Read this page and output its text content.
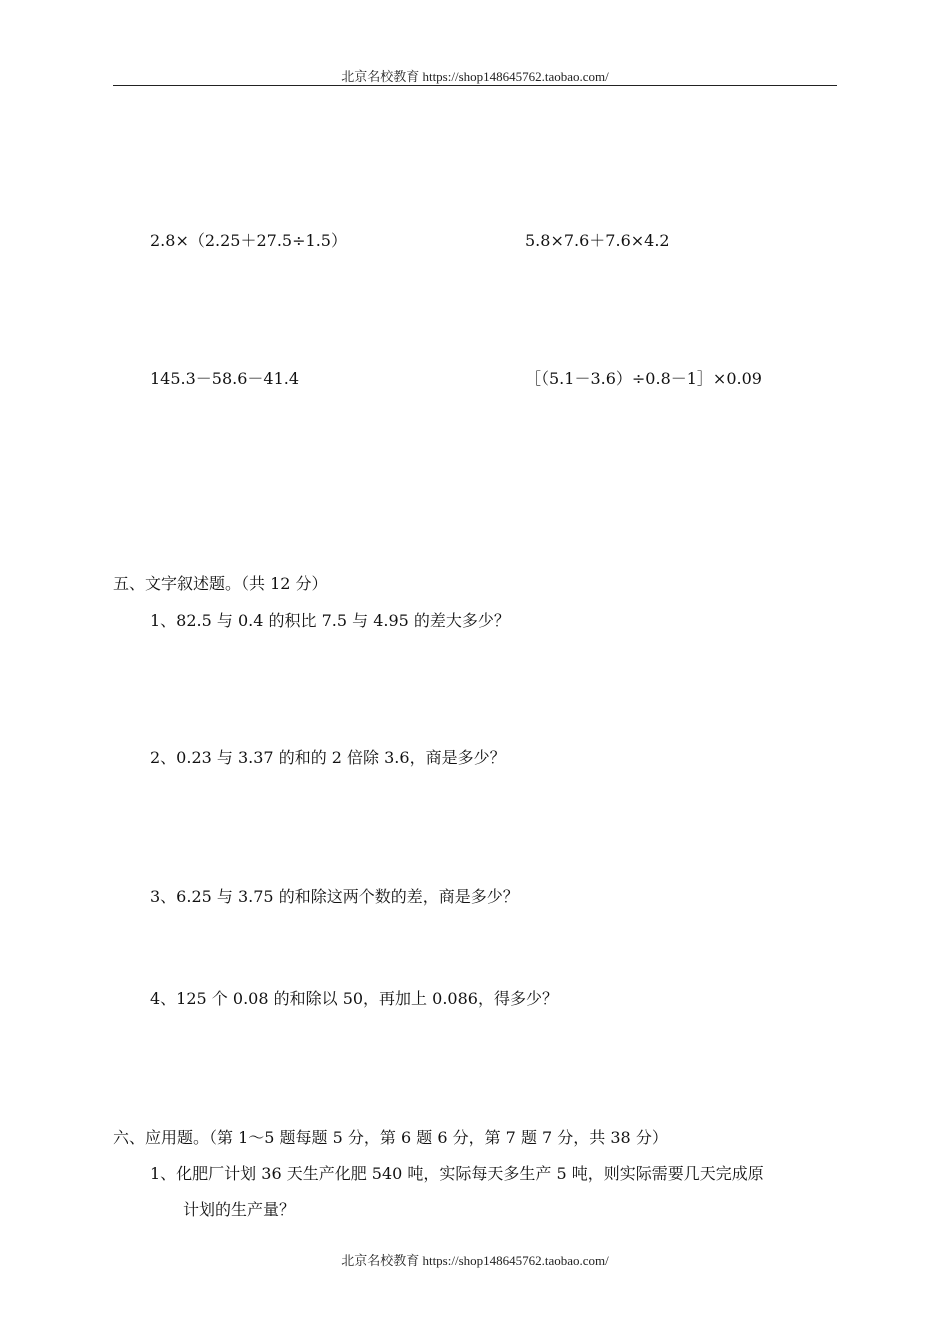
北京名校教育 https://shop148645762.taobao.com/
2.8×（2.25＋27.5÷1.5）	5.8×7.6＋7.6×4.2
145.3－58.6－41.4	［（5.1－3.6）÷0.8－1］×0.09
五、文字叙述题。（共 12 分）
1、82.5 与 0.4 的积比 7.5 与 4.95 的差大多少？
2、0.23 与 3.37 的和的 2 倍除 3.6，商是多少？
3、6.25 与 3.75 的和除这两个数的差，商是多少？
4、125 个 0.08 的和除以 50，再加上 0.086，得多少？
六、应用题。（第 1～5 题每题 5 分，第 6 题 6 分，第 7 题 7 分，共 38 分）
1、化肥厂计划 36 天生产化肥 540 吨，实际每天多生产 5 吨，则实际需要几天完成原
计划的生产量？
北京名校教育 https://shop148645762.taobao.com/
